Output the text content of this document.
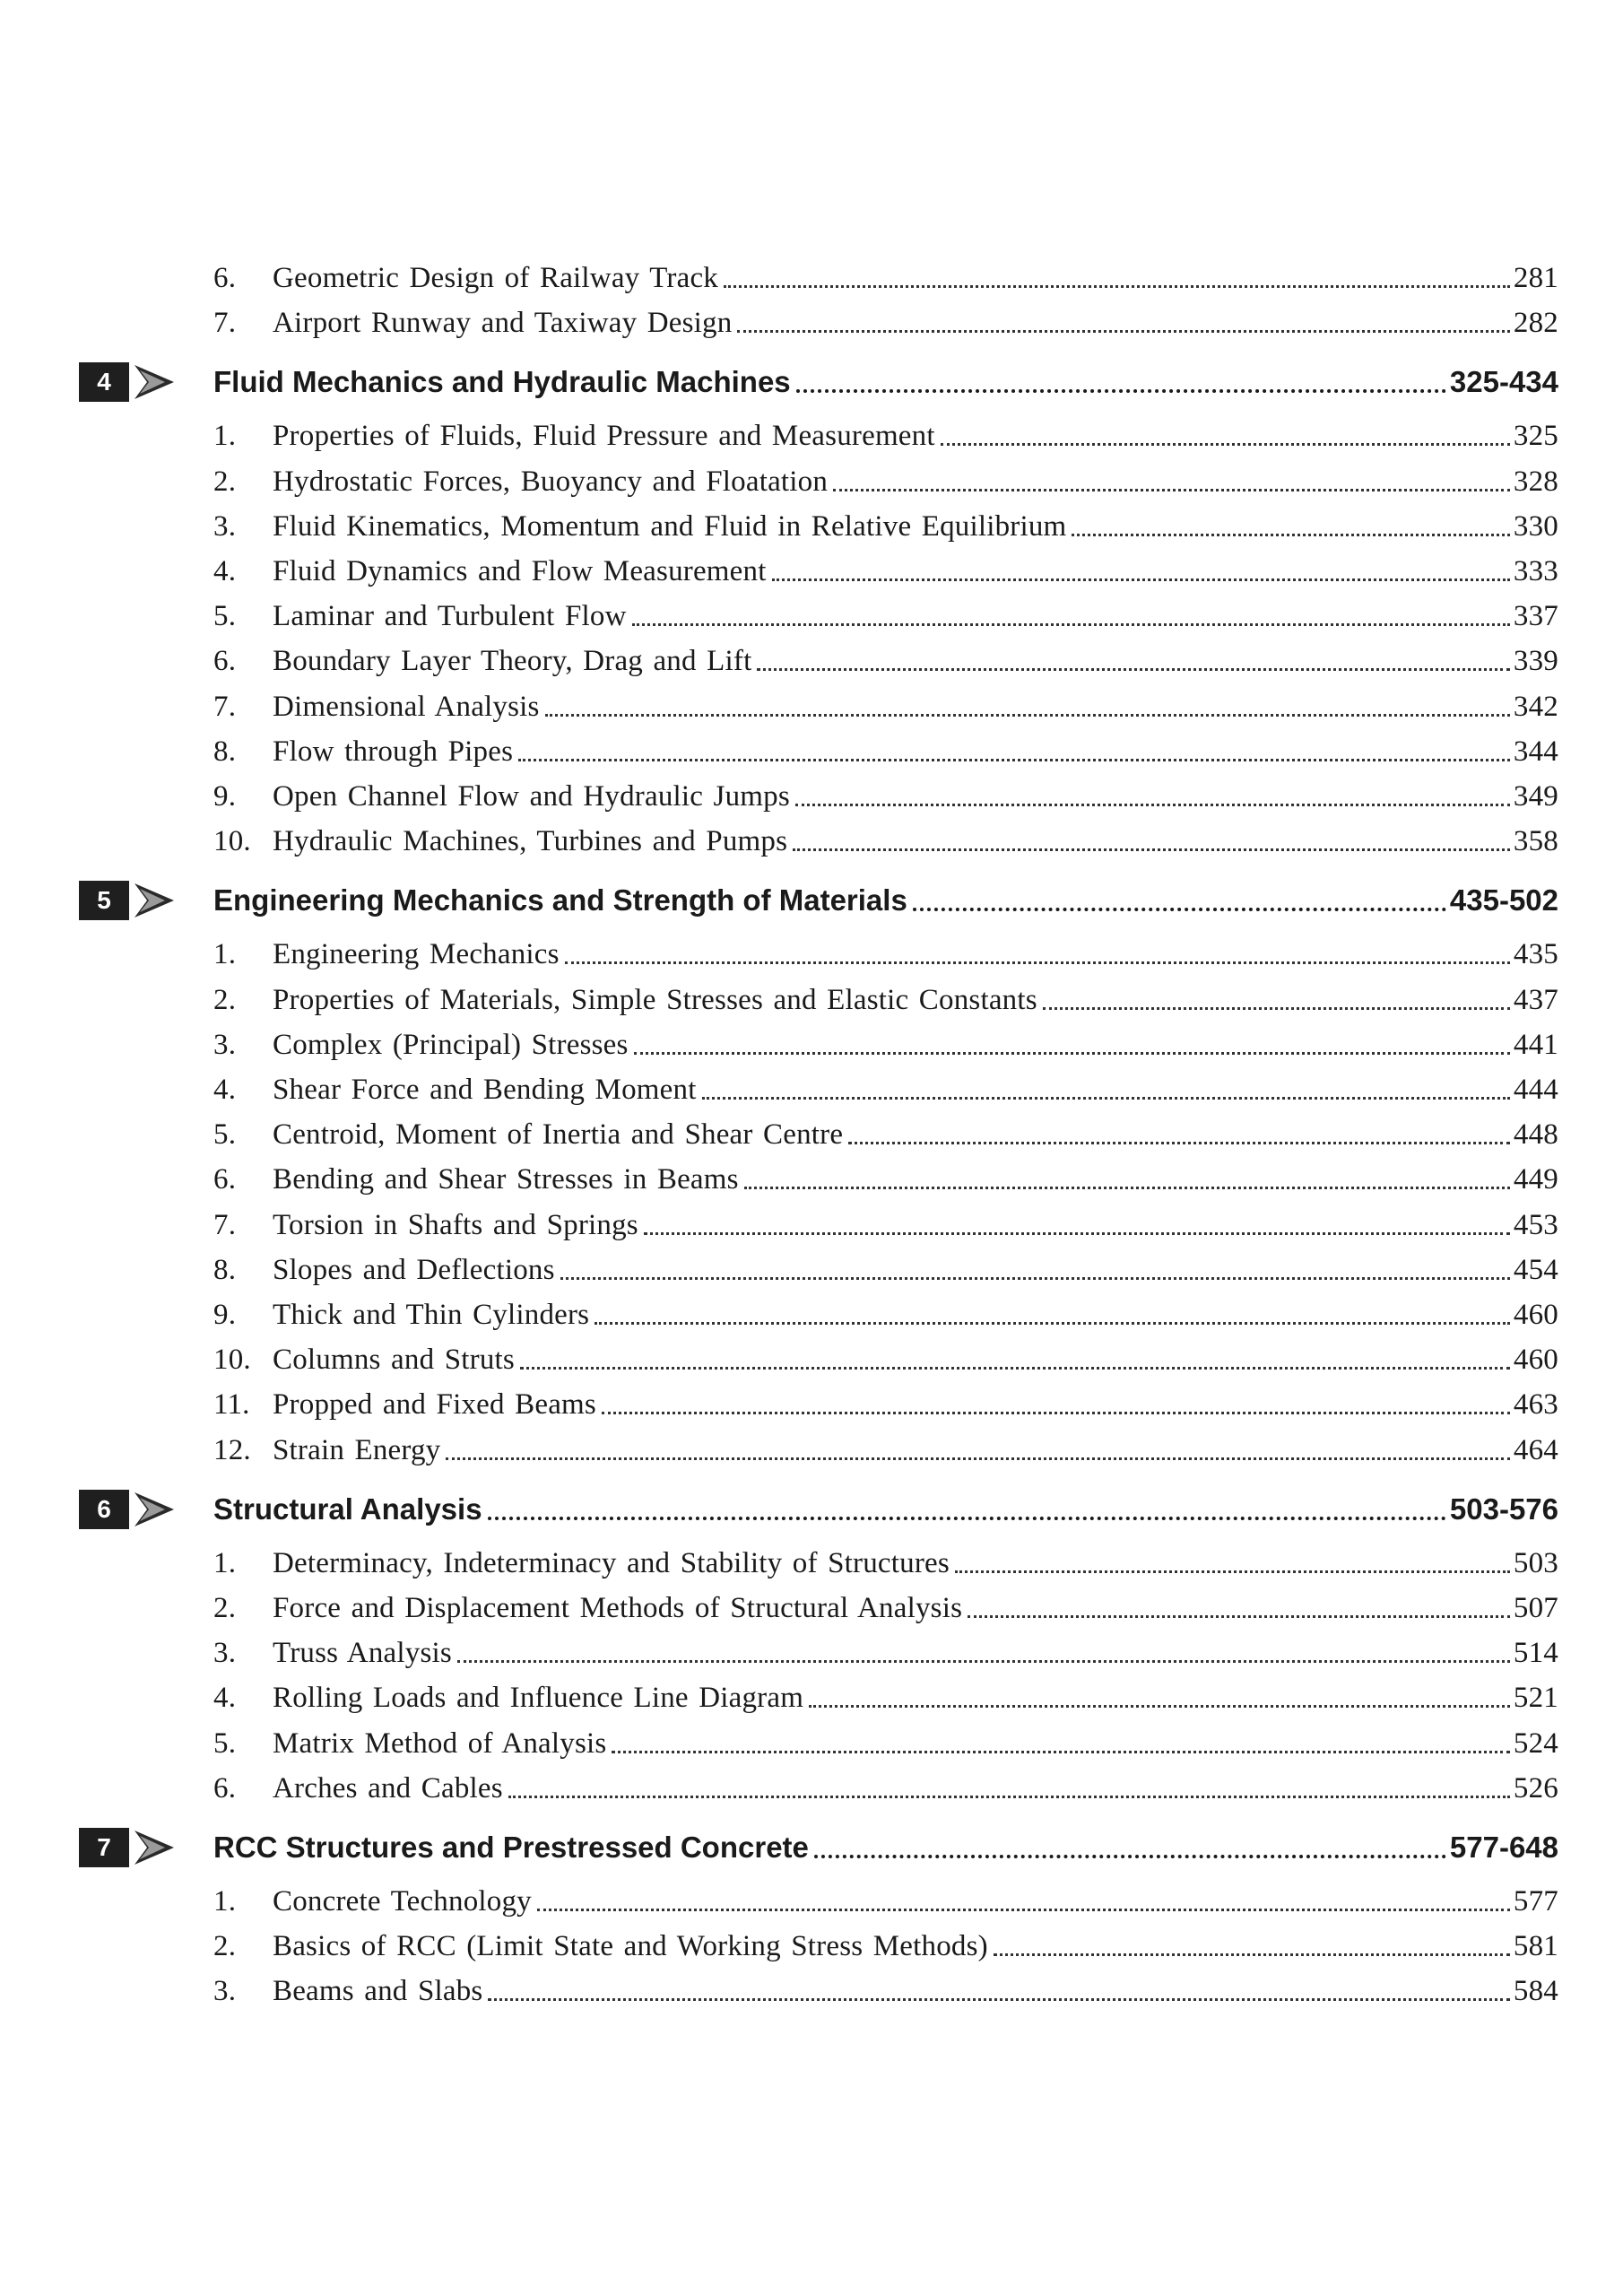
6.	Geometric Design of Railway Track	281
7.	Airport Runway and Taxiway Design	282
4	Fluid Mechanics and Hydraulic Machines	325-434
1.	Properties of Fluids, Fluid Pressure and Measurement	325
2.	Hydrostatic Forces, Buoyancy and Floatation	328
3.	Fluid Kinematics, Momentum and Fluid in Relative Equilibrium	330
4.	Fluid Dynamics and Flow Measurement	333
5.	Laminar and Turbulent Flow	337
6.	Boundary Layer Theory, Drag and Lift	339
7.	Dimensional Analysis	342
8.	Flow through Pipes	344
9.	Open Channel Flow and Hydraulic Jumps	349
10. Hydraulic Machines, Turbines and Pumps	358
5	Engineering Mechanics and Strength of Materials	435-502
1.	Engineering Mechanics	435
2.	Properties of Materials, Simple Stresses and Elastic Constants	437
3.	Complex (Principal) Stresses	441
4.	Shear Force and Bending Moment	444
5.	Centroid, Moment of Inertia and Shear Centre	448
6.	Bending and Shear Stresses in Beams	449
7.	Torsion in Shafts and Springs	453
8.	Slopes and Deflections	454
9.	Thick and Thin Cylinders	460
10. Columns and Struts	460
11. Propped and Fixed Beams	463
12. Strain Energy	464
6	Structural Analysis	503-576
1.	Determinacy, Indeterminacy and Stability of Structures	503
2.	Force and Displacement Methods of Structural Analysis	507
3.	Truss Analysis	514
4.	Rolling Loads and Influence Line Diagram	521
5.	Matrix Method of Analysis	524
6.	Arches and Cables	526
7	RCC Structures and Prestressed Concrete	577-648
1.	Concrete Technology	577
2.	Basics of RCC (Limit State and Working Stress Methods)	581
3.	Beams and Slabs	584
